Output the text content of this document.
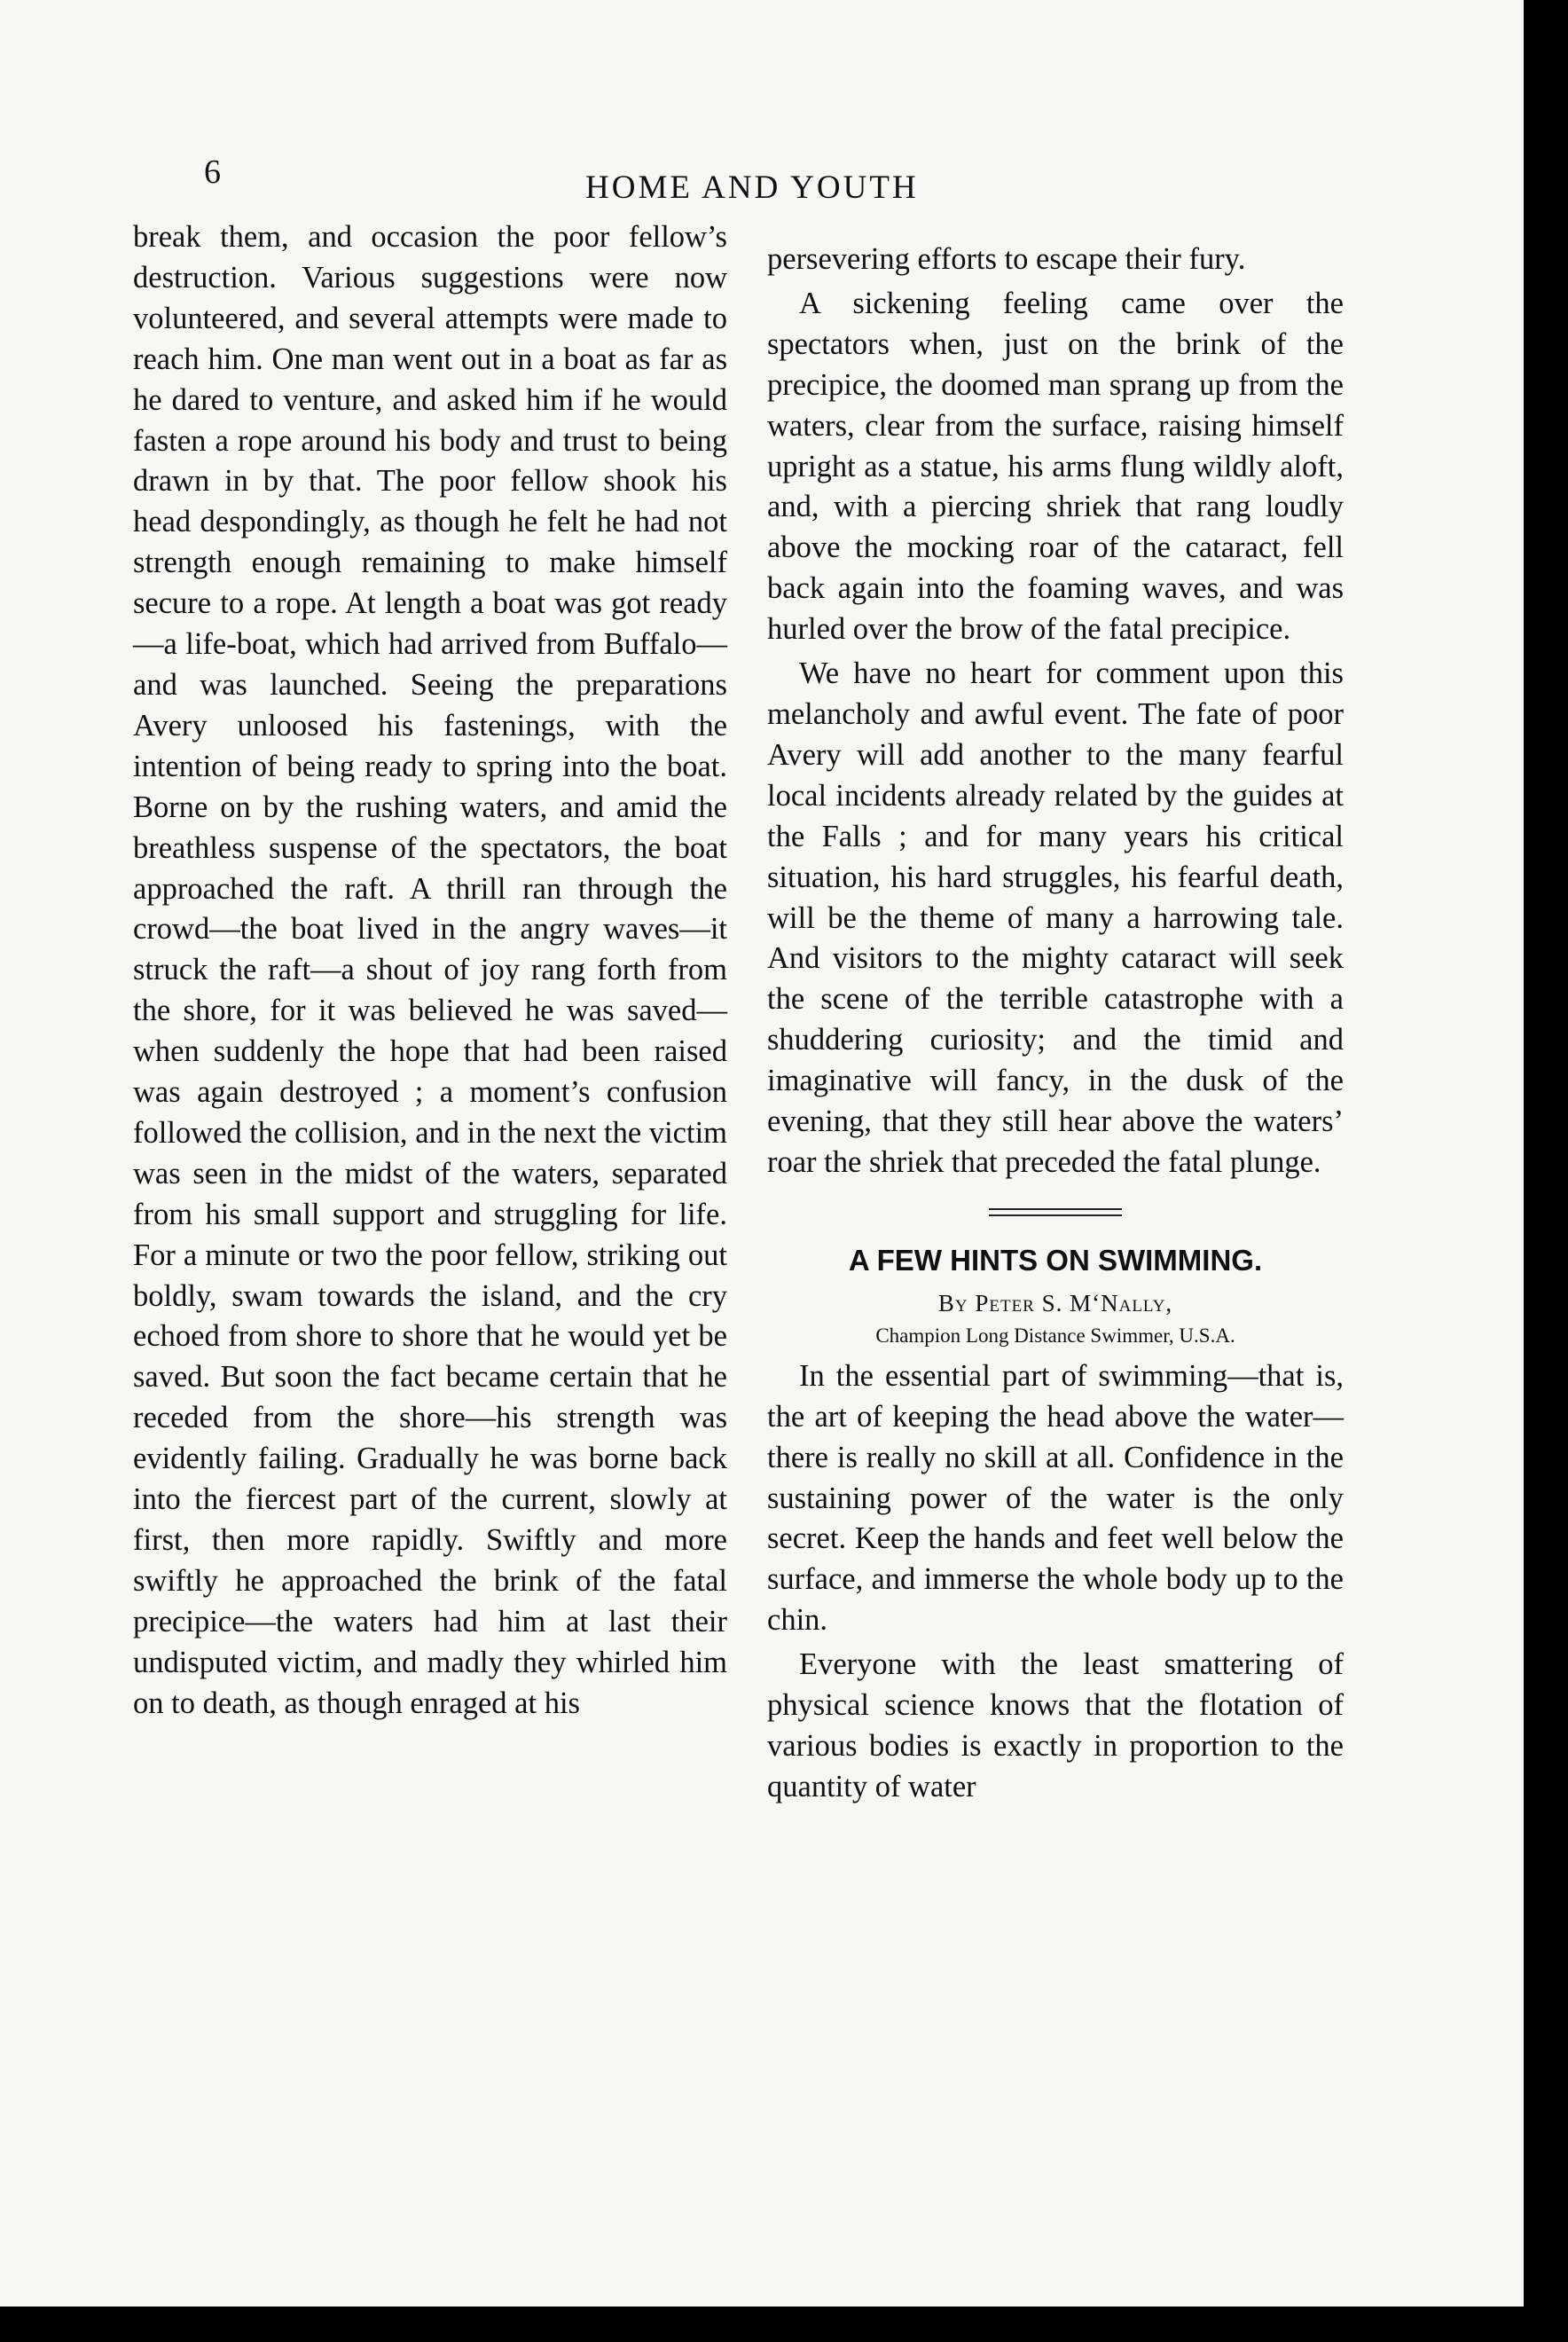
6	HOME AND YOUTH

break them, and occasion the poor fellow’s destruction. Various suggestions were now volunteered, and several attempts were made to reach him. One man went out in a boat as far as he dared to venture, and asked him if he would fasten a rope around his body and trust to being drawn in by that. The poor fellow shook his head despondingly, as though he felt he had not strength enough remaining to make himself secure to a rope. At length a boat was got ready—a life-boat, which had arrived from Buffalo—and was launched. Seeing the preparations Avery unloosed his fastenings, with the intention of being ready to spring into the boat. Borne on by the rushing waters, and amid the breathless suspense of the spectators, the boat approached the raft. A thrill ran through the crowd—the boat lived in the angry waves—it struck the raft—a shout of joy rang forth from the shore, for it was believed he was saved—when suddenly the hope that had been raised was again destroyed ; a moment’s confusion followed the collision, and in the next the victim was seen in the midst of the waters, separated from his small support and struggling for life. For a minute or two the poor fellow, striking out boldly, swam towards the island, and the cry echoed from shore to shore that he would yet be saved. But soon the fact became certain that he receded from the shore—his strength was evidently failing. Gradually he was borne back into the fiercest part of the current, slowly at first, then more rapidly. Swiftly and more swiftly he approached the brink of the fatal precipice—the waters had him at last their undisputed victim, and madly they whirled him on to death, as though enraged at his

persevering efforts to escape their fury.

A sickening feeling came over the spectators when, just on the brink of the precipice, the doomed man sprang up from the waters, clear from the surface, raising himself upright as a statue, his arms flung wildly aloft, and, with a piercing shriek that rang loudly above the mocking roar of the cataract, fell back again into the foaming waves, and was hurled over the brow of the fatal precipice.

We have no heart for comment upon this melancholy and awful event. The fate of poor Avery will add another to the many fearful local incidents already related by the guides at the Falls ; and for many years his critical situation, his hard struggles, his fearful death, will be the theme of many a harrowing tale. And visitors to the mighty cataract will seek the scene of the terrible catastrophe with a shuddering curiosity; and the timid and imaginative will fancy, in the dusk of the evening, that they still hear above the waters’ roar the shriek that preceded the fatal plunge.

A FEW HINTS ON SWIMMING.
By Peter S. M‘Nally,
Champion Long Distance Swimmer, U.S.A.

In the essential part of swimming—that is, the art of keeping the head above the water—there is really no skill at all. Confidence in the sustaining power of the water is the only secret. Keep the hands and feet well below the surface, and immerse the whole body up to the chin.

Everyone with the least smattering of physical science knows that the flotation of various bodies is exactly in proportion to the quantity of water
